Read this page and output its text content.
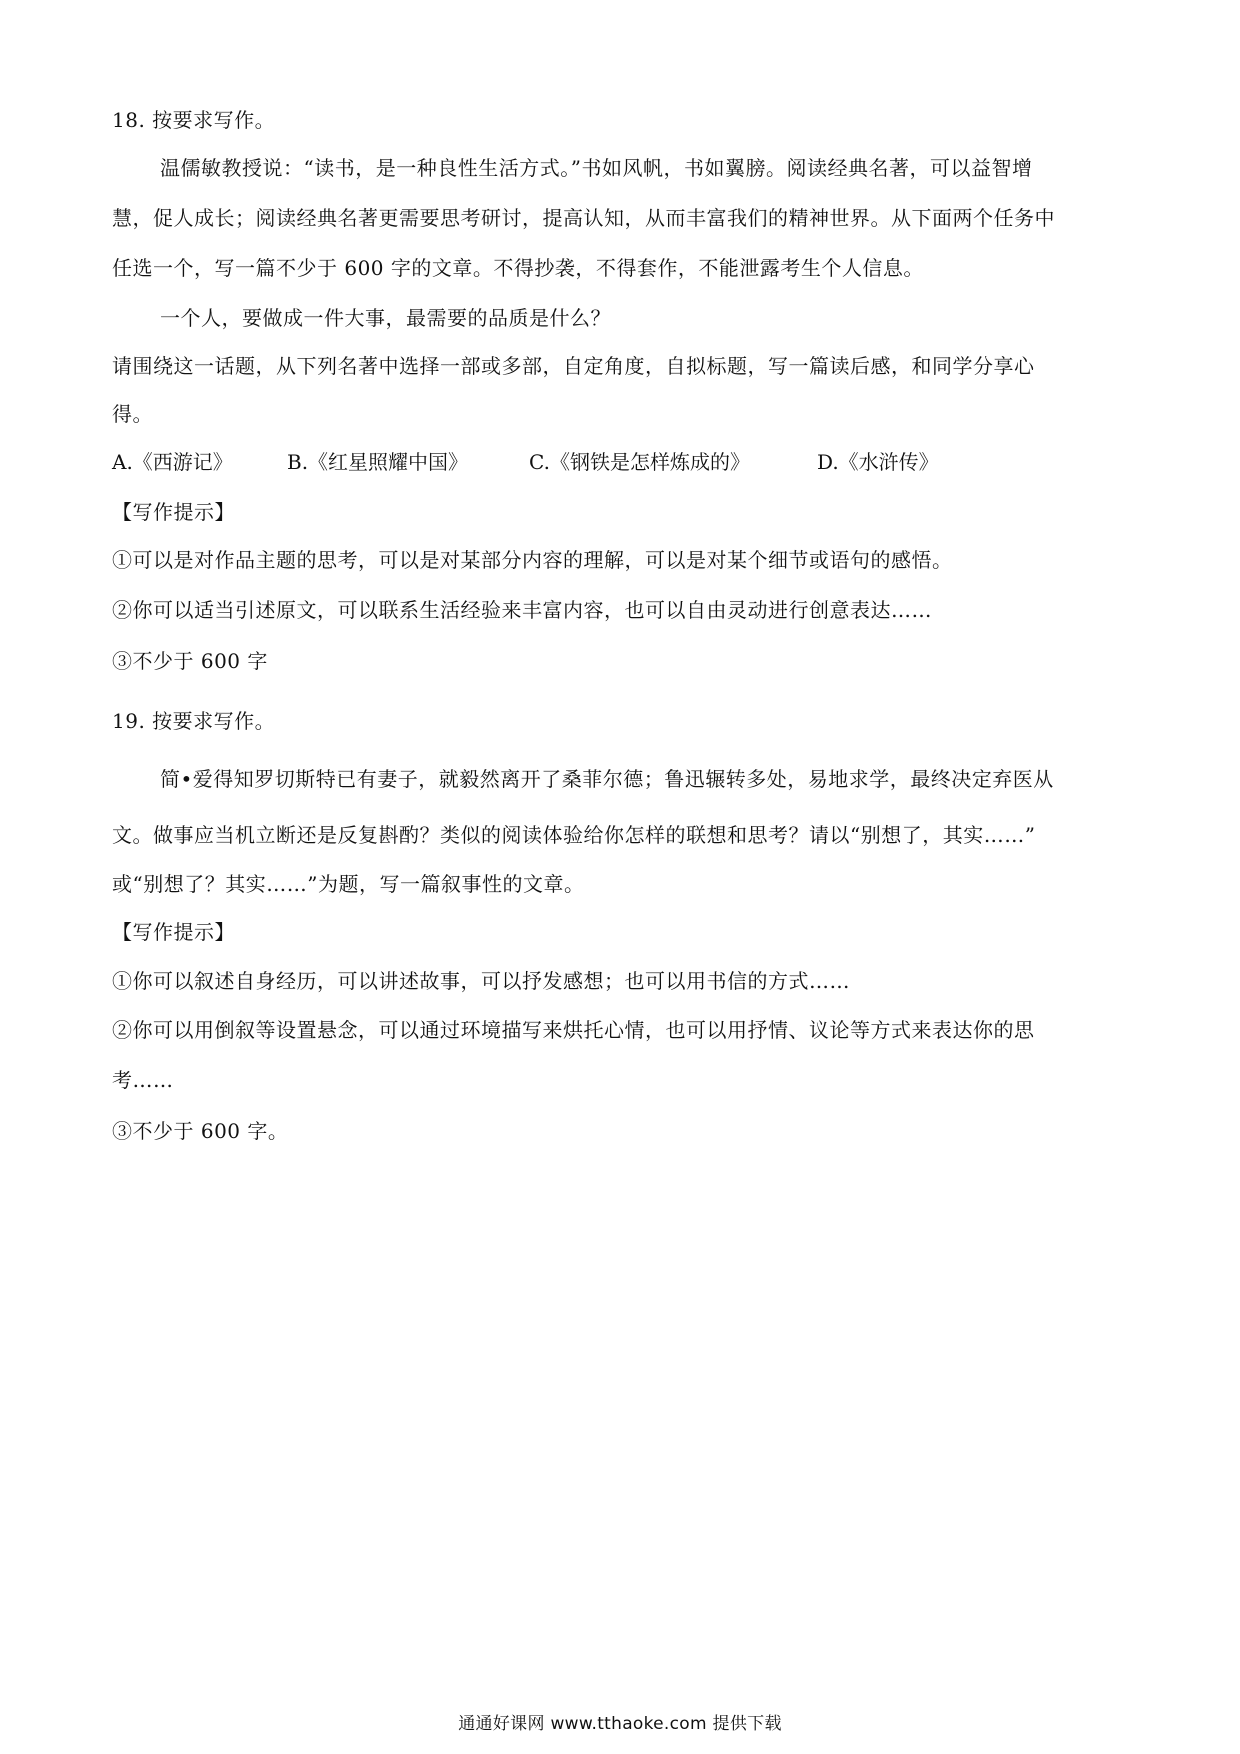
18. 按要求写作。
温儒敏教授说：“读书，是一种良性生活方式。”书如风帆，书如翼膀。阅读经典名著，可以益智增
慧，促人成长；阅读经典名著更需要思考研讨，提高认知，从而丰富我们的精神世界。从下面两个任务中
任选一个，写一篇不少于 600 字的文章。不得抄袭，不得套作，不能泄露考生个人信息。
一个人，要做成一件大事，最需要的品质是什么？
请围绕这一话题，从下列名著中选择一部或多部，自定角度，自拟标题，写一篇读后感，和同学分享心
得。
A.《西游记》	B.《红星照耀中国》	C.《钢铁是怎样炼成的》	D.《水浒传》
【写作提示】
①可以是对作品主题的思考，可以是对某部分内容的理解，可以是对某个细节或语句的感悟。
②你可以适当引述原文，可以联系生活经验来丰富内容，也可以自由灵动进行创意表达……
③不少于 600 字
19. 按要求写作。
简•爱得知罗切斯特已有妻子，就毅然离开了桑菲尔德；鲁迅辗转多处，易地求学，最终决定弃医从
文。做事应当机立断还是反复斟酌？类似的阅读体验给你怎样的联想和思考？请以“别想了，其实……”
或“别想了？其实……”为题，写一篇叙事性的文章。
【写作提示】
①你可以叙述自身经历，可以讲述故事，可以抒发感想；也可以用书信的方式……
②你可以用倒叙等设置悬念，可以通过环境描写来烘托心情，也可以用抒情、议论等方式来表达你的思
考……
③不少于 600 字。
通通好课网 www.tthaoke.com 提供下载
